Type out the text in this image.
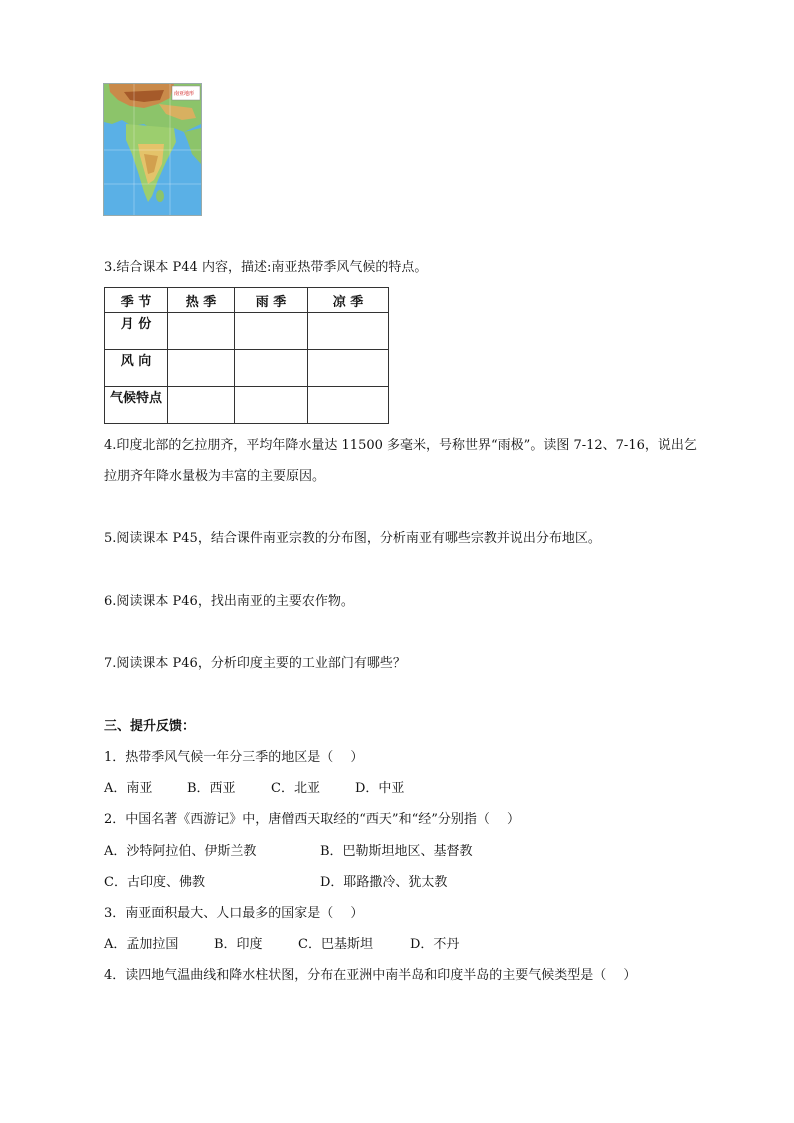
南亚地形
3.结合课本 P44 内容，描述:南亚热带季风气候的特点。
季 节	热 季	雨 季	凉 季
月 份			
风 向			
气候特点			
4.印度北部的乞拉朋齐，平均年降水量达 11500 多毫米，号称世界“雨极”。读图 7-12、7-16，说出乞
拉朋齐年降水量极为丰富的主要原因。
5.阅读课本 P45，结合课件南亚宗教的分布图，分析南亚有哪些宗教并说出分布地区。
6.阅读课本 P46，找出南亚的主要农作物。
7.阅读课本 P46，分析印度主要的工业部门有哪些？
三、提升反馈：
1．热带季风气候一年分三季的地区是（　 ）
A．南亚	B．西亚	C．北亚	D．中亚
2．中国名著《西游记》中，唐僧西天取经的“西天”和“经”分别指（　 ）
A．沙特阿拉伯、伊斯兰教	B．巴勒斯坦地区、基督教
C．古印度、佛教	D．耶路撒冷、犹太教
3．南亚面积最大、人口最多的国家是（　 ）
A．孟加拉国	B．印度	C．巴基斯坦	D．不丹
4．读四地气温曲线和降水柱状图，分布在亚洲中南半岛和印度半岛的主要气候类型是（　 ）
